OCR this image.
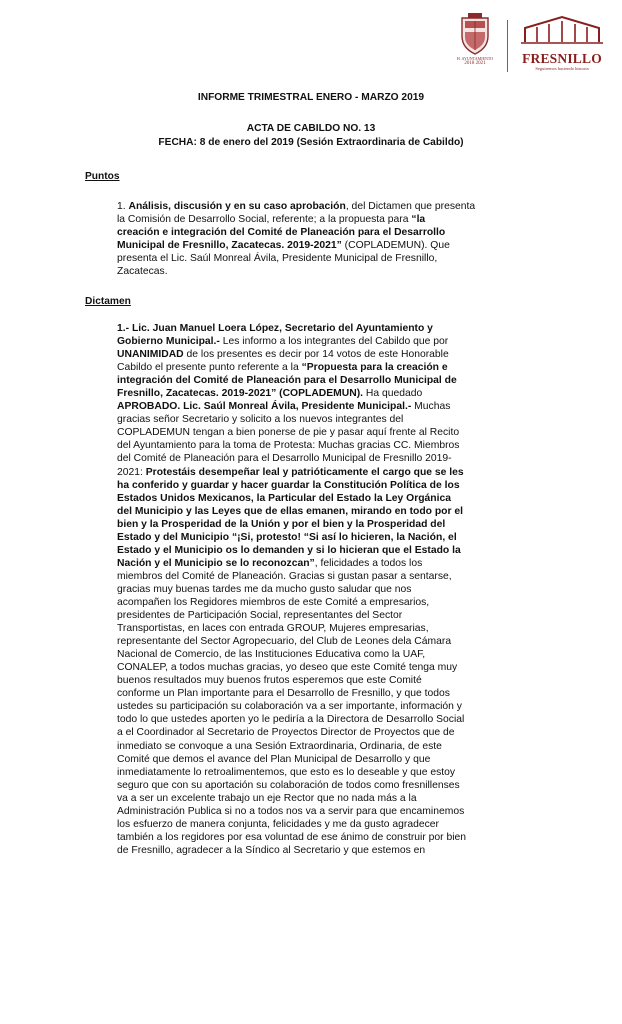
H. AYUNTAMIENTO
2018 2021	FRESNILLO
Seguiremos haciendo historia
INFORME TRIMESTRAL ENERO - MARZO 2019
ACTA DE CABILDO NO. 13
FECHA: 8 de enero del 2019 (Sesión Extraordinaria de Cabildo)
Puntos
1. Análisis, discusión y en su caso aprobación, del Dictamen que presenta
la Comisión de Desarrollo Social, referente; a la propuesta para “la
creación e integración del Comité de Planeación para el Desarrollo
Municipal de Fresnillo, Zacatecas. 2019-2021” (COPLADEMUN). Que
presenta el Lic. Saúl Monreal Ávila, Presidente Municipal de Fresnillo,
Zacatecas.
Dictamen
1.- Lic. Juan Manuel Loera López, Secretario del Ayuntamiento y
Gobierno Municipal.- Les informo a los integrantes del Cabildo que por
UNANIMIDAD de los presentes es decir por 14 votos de este Honorable
Cabildo el presente punto referente a la “Propuesta para la creación e
integración del Comité de Planeación para el Desarrollo Municipal de
Fresnillo, Zacatecas. 2019-2021” (COPLADEMUN). Ha quedado
APROBADO. Lic. Saúl Monreal Ávila, Presidente Municipal.- Muchas
gracias señor Secretario y solicito a los nuevos integrantes del
COPLADEMUN tengan a bien ponerse de pie y pasar aquí frente al Recito
del Ayuntamiento para la toma de Protesta: Muchas gracias CC. Miembros
del Comité de Planeación para el Desarrollo Municipal de Fresnillo 2019-
2021: Protestáis desempeñar leal y patrióticamente el cargo que se les
ha conferido y guardar y hacer guardar la Constitución Política de los
Estados Unidos Mexicanos, la Particular del Estado la Ley Orgánica
del Municipio y las Leyes que de ellas emanen, mirando en todo por el
bien y la Prosperidad de la Unión y por el bien y la Prosperidad del
Estado y del Municipio “¡Si, protesto! “Si así lo hicieren, la Nación, el
Estado y el Municipio os lo demanden y si lo hicieran que el Estado la
Nación y el Municipio se lo reconozcan”, felicidades a todos los
miembros del Comité de Planeación. Gracias si gustan pasar a sentarse,
gracias muy buenas tardes me da mucho gusto saludar que nos
acompañen los Regidores miembros de este Comité a empresarios,
presidentes de Participación Social, representantes del Sector
Transportistas, en laces con entrada GROUP, Mujeres empresarias,
representante del Sector Agropecuario, del Club de Leones dela Cámara
Nacional de Comercio, de las Instituciones Educativa como la UAF,
CONALEP, a todos muchas gracias, yo deseo que este Comité tenga muy
buenos resultados muy buenos frutos esperemos que este Comité
conforme un Plan importante para el Desarrollo de Fresnillo, y que todos
ustedes su participación su colaboración va a ser importante, información y
todo lo que ustedes aporten yo le pediría a la Directora de Desarrollo Social
a el Coordinador al Secretario de Proyectos Director de Proyectos que de
inmediato se convoque a una Sesión Extraordinaria, Ordinaria, de este
Comité que demos el avance del Plan Municipal de Desarrollo y que
inmediatamente lo retroalimentemos, que esto es lo deseable y que estoy
seguro que con su aportación su colaboración de todos como fresnillenses
va a ser un excelente trabajo un eje Rector que no nada más a la
Administración Publica si no a todos nos va a servir para que encaminemos
los esfuerzo de manera conjunta, felicidades y me da gusto agradecer
también a los regidores por esa voluntad de ese ánimo de construir por bien
de Fresnillo, agradecer a la Síndico al Secretario y que estemos en
